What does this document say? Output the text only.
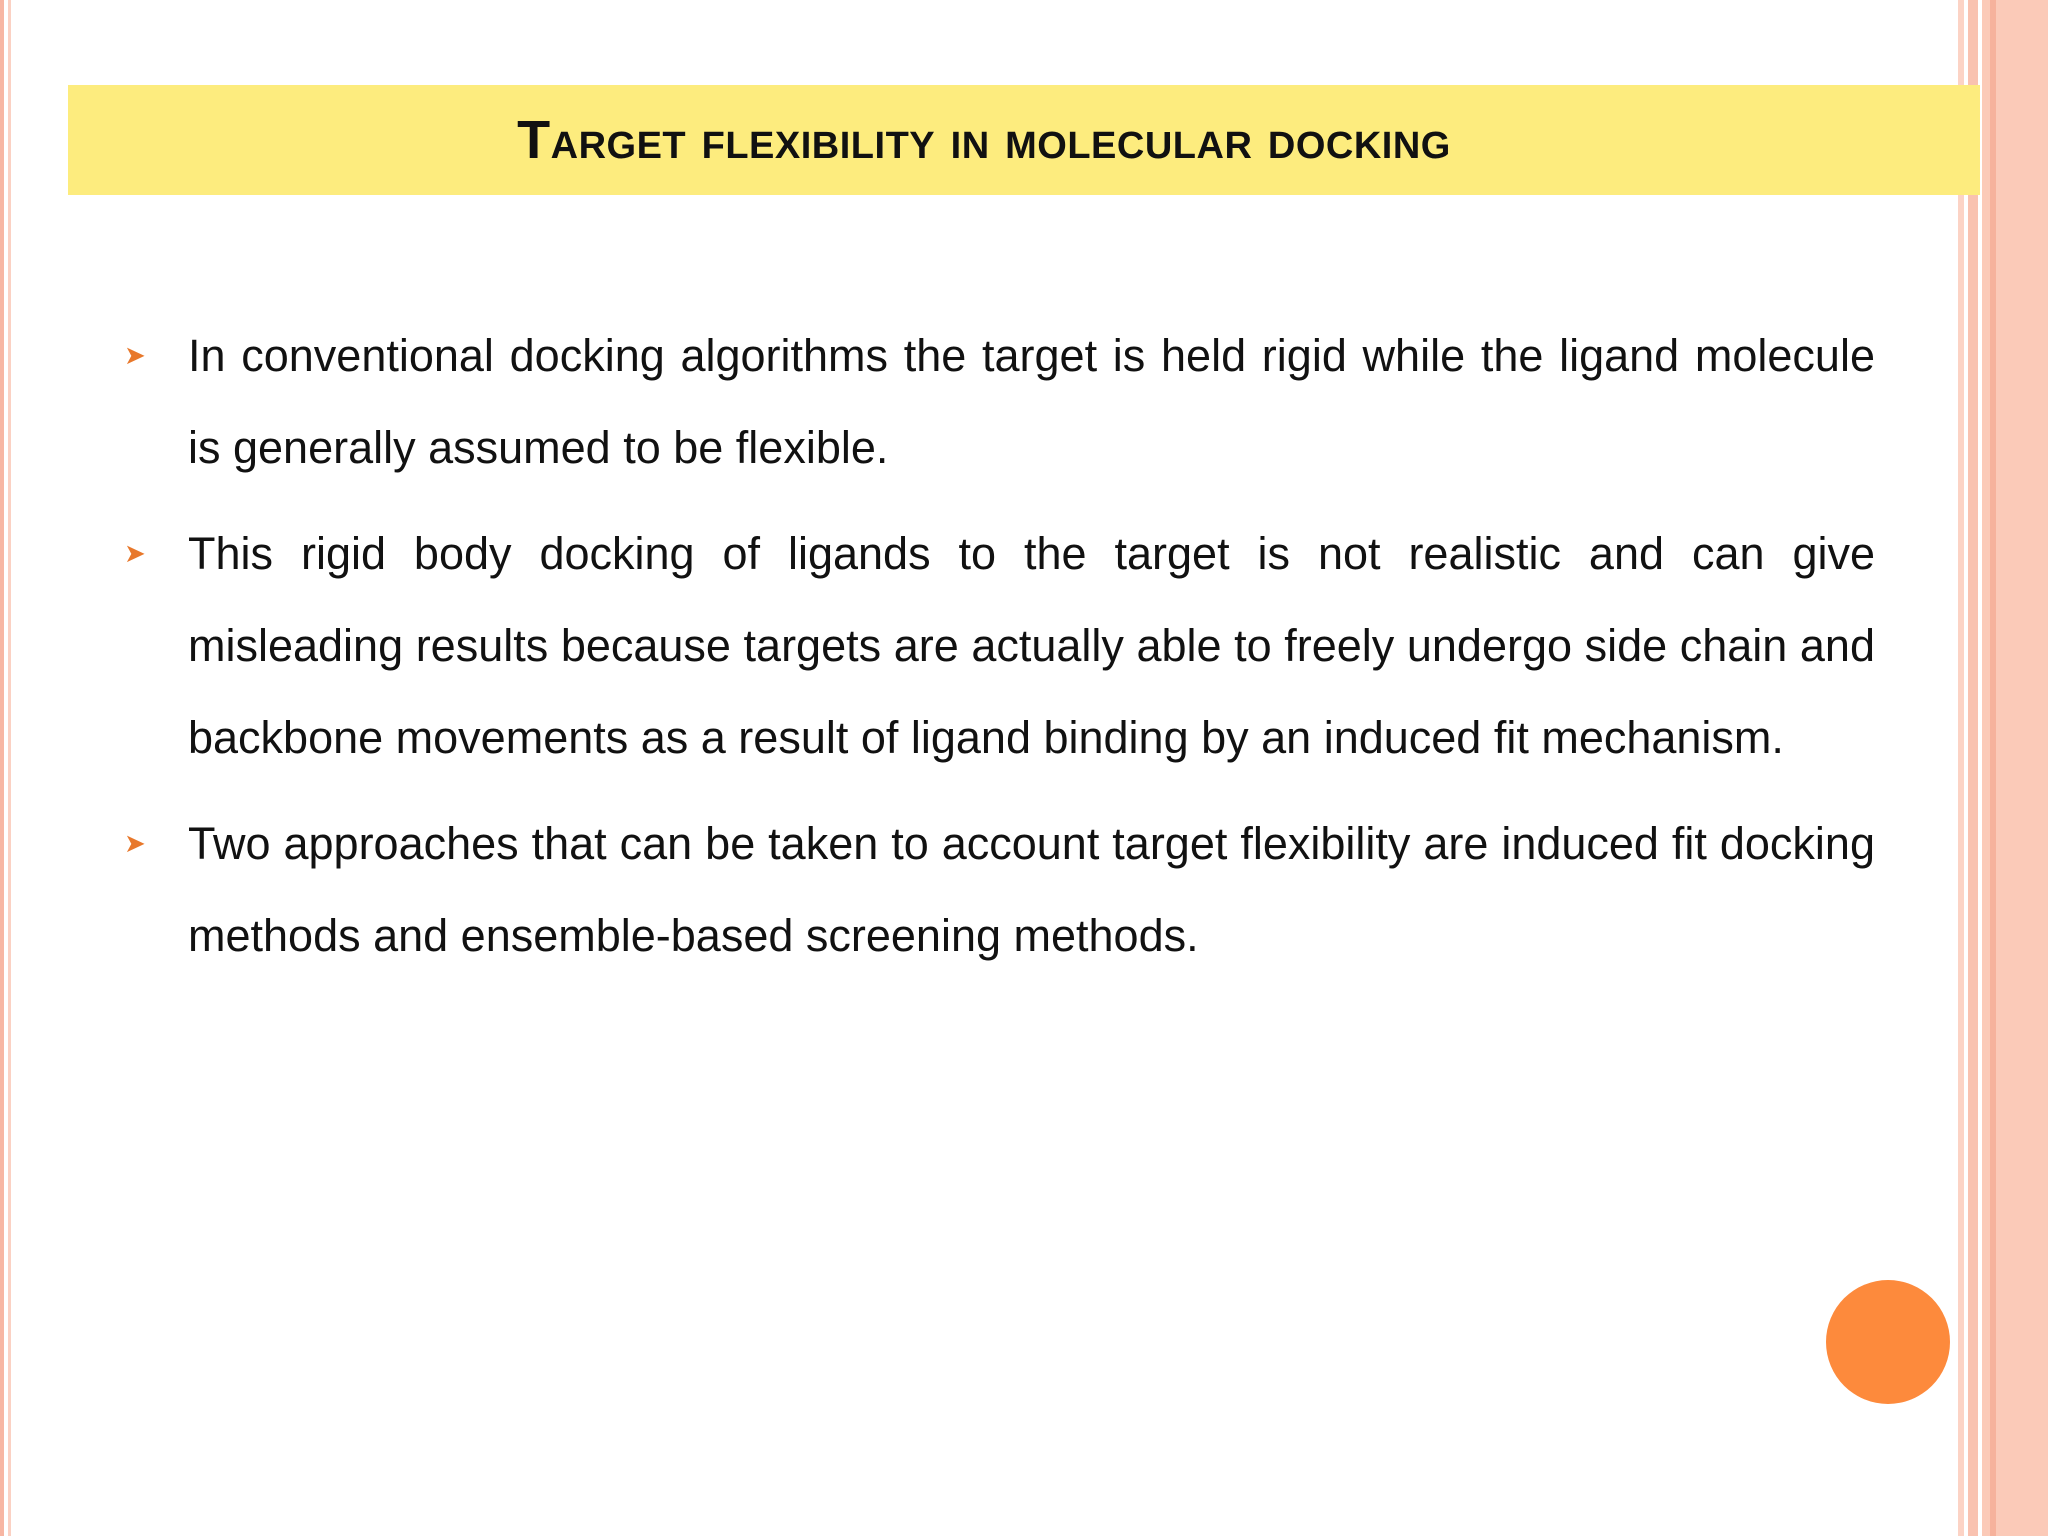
Target flexibility in molecular docking
➤ In conventional docking algorithms the target is held rigid while the ligand molecule is generally assumed to be flexible.

➤ This rigid body docking of ligands to the target is not realistic and can give misleading results because targets are actually able to freely undergo side chain and backbone movements as a result of ligand binding by an induced fit mechanism.

➤ Two approaches that can be taken to account target flexibility are induced fit docking methods and ensemble-based screening methods.
